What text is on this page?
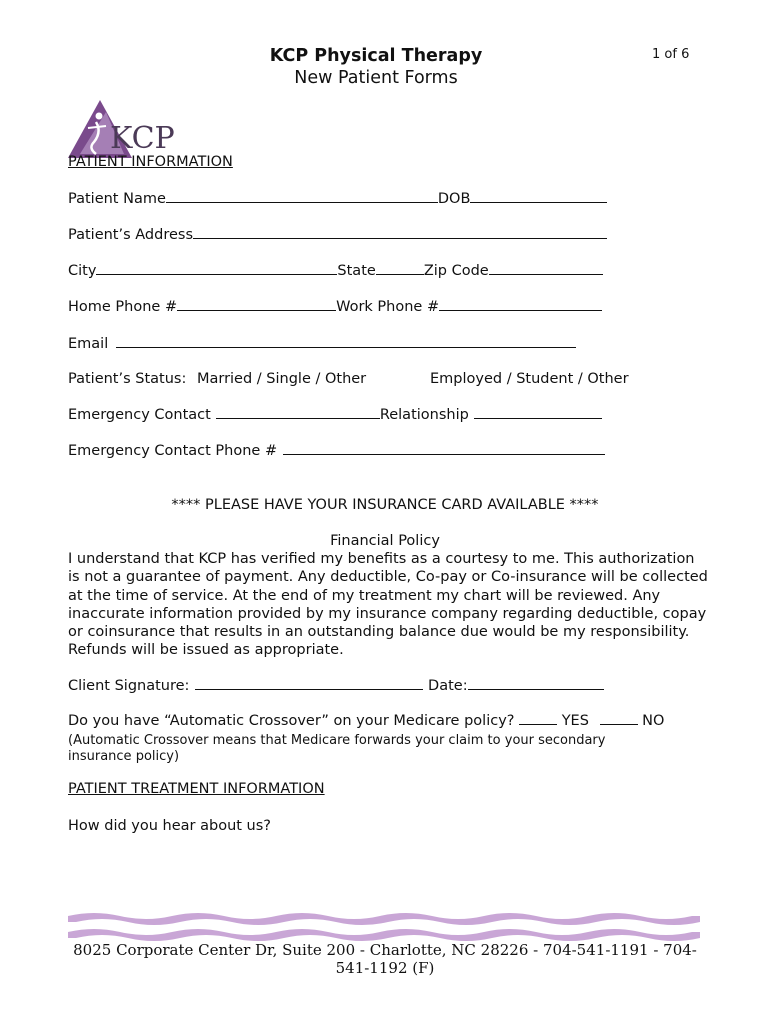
KCP Physical Therapy
New Patient Forms
1 of 6
KCP
PATIENT INFORMATION
Patient Name	DOB
Patient’s Address
City	State	Zip Code
Home Phone #	Work Phone #
Email
Patient’s Status: Married / Single / Other	Employed / Student / Other
Emergency Contact	Relationship
Emergency Contact Phone #
**** PLEASE HAVE YOUR INSURANCE CARD AVAILABLE ****
Financial Policy
I understand that KCP has verified my benefits as a courtesy to me. This authorization is not a guarantee of payment. Any deductible, Co-pay or Co-insurance will be collected at the time of service. At the end of my treatment my chart will be reviewed. Any inaccurate information provided by my insurance company regarding deductible, copay or coinsurance that results in an outstanding balance due would be my responsibility. Refunds will be issued as appropriate.
Client Signature:	Date:
Do you have “Automatic Crossover” on your Medicare policy?	YES	NO
(Automatic Crossover means that Medicare forwards your claim to your secondary
insurance policy)
PATIENT TREATMENT INFORMATION
How did you hear about us?
8025 Corporate Center Dr, Suite 200 - Charlotte, NC 28226 - 704-541-1191 - 704-541-1192 (F)
